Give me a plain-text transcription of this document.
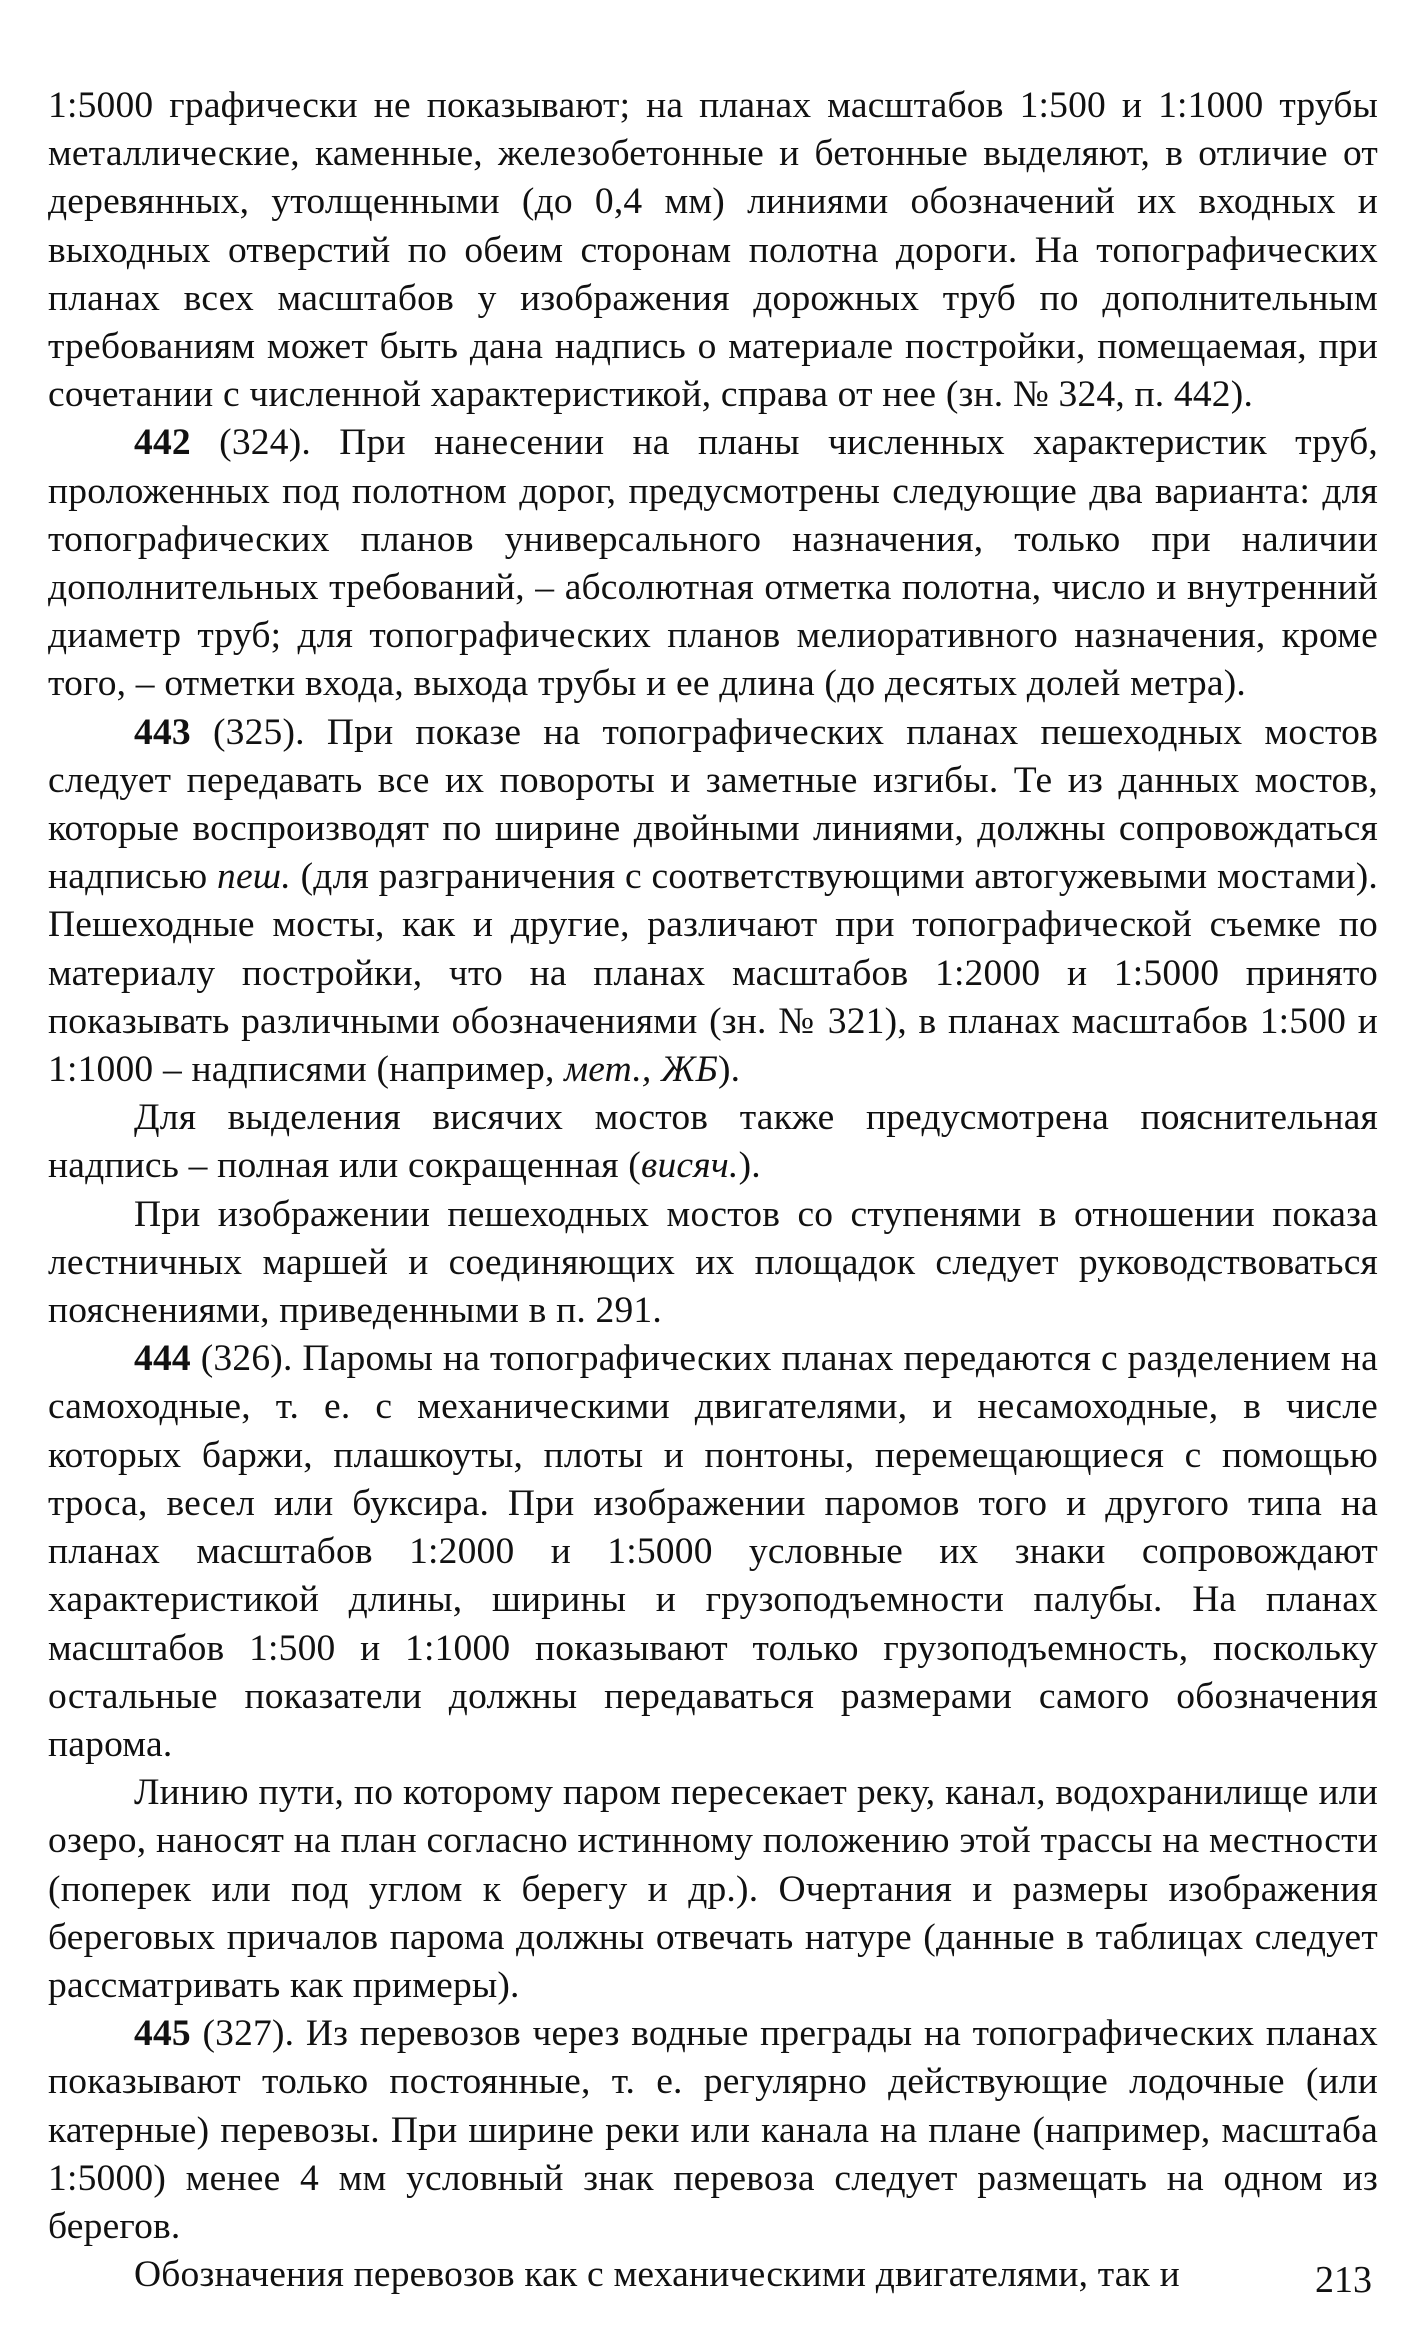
1:5000 графически не показывают; на планах масштабов 1:500 и 1:1000 трубы металлические, каменные, железобетонные и бетонные выделяют, в отличие от деревянных, утолщенными (до 0,4 мм) линиями обозначений их входных и выходных отверстий по обеим сторонам полотна дороги. На топографических планах всех масштабов у изображения дорожных труб по дополнительным требованиям может быть дана надпись о материале постройки, помещаемая, при сочетании с численной характеристикой, справа от нее (зн. № 324, п. 442).

442 (324). При нанесении на планы численных характеристик труб, проложенных под полотном дорог, предусмотрены следующие два варианта: для топографических планов универсального назначения, только при наличии дополнительных требований, – абсолютная отметка полотна, число и внутренний диаметр труб; для топографических планов мелиоративного назначения, кроме того, – отметки входа, выхода трубы и ее длина (до десятых долей метра).

443 (325). При показе на топографических планах пешеходных мостов следует передавать все их повороты и заметные изгибы. Те из данных мостов, которые воспроизводят по ширине двойными линиями, должны сопровождаться надписью пеш. (для разграничения с соответствующими автогужевыми мостами). Пешеходные мосты, как и другие, различают при топографической съемке по материалу постройки, что на планах масштабов 1:2000 и 1:5000 принято показывать различными обозначениями (зн. № 321), в планах масштабов 1:500 и 1:1000 – надписями (например, мет., ЖБ).

Для выделения висячих мостов также предусмотрена пояснительная надпись – полная или сокращенная (висяч.).

При изображении пешеходных мостов со ступенями в отношении показа лестничных маршей и соединяющих их площадок следует руководствоваться пояснениями, приведенными в п. 291.

444 (326). Паромы на топографических планах передаются с разделением на самоходные, т. е. с механическими двигателями, и несамоходные, в числе которых баржи, плашкоуты, плоты и понтоны, перемещающиеся с помощью троса, весел или буксира. При изображении паромов того и другого типа на планах масштабов 1:2000 и 1:5000 условные их знаки сопровождают характеристикой длины, ширины и грузоподъемности палубы. На планах масштабов 1:500 и 1:1000 показывают только грузоподъемность, поскольку остальные показатели должны передаваться размерами самого обозначения парома.

Линию пути, по которому паром пересекает реку, канал, водохранилище или озеро, наносят на план согласно истинному положению этой трассы на местности (поперек или под углом к берегу и др.). Очертания и размеры изображения береговых причалов парома должны отвечать натуре (данные в таблицах следует рассматривать как примеры).

445 (327). Из перевозов через водные преграды на топографических планах показывают только постоянные, т. е. регулярно действующие лодочные (или катерные) перевозы. При ширине реки или канала на плане (например, масштаба 1:5000) менее 4 мм условный знак перевоза следует размещать на одном из берегов.

Обозначения перевозов как с механическими двигателями, так и	213
